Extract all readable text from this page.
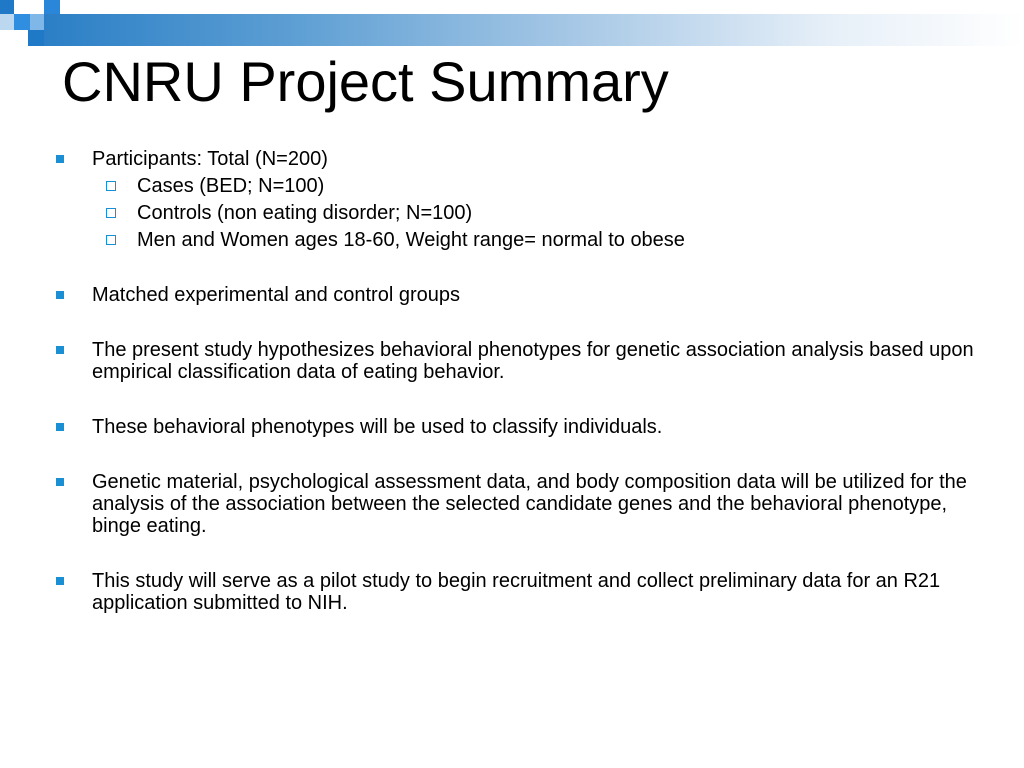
CNRU Project Summary
Participants: Total (N=200)
Cases (BED; N=100)
Controls (non eating disorder; N=100)
Men and Women ages 18-60, Weight range= normal to obese
Matched experimental and control groups
The present study hypothesizes behavioral phenotypes for genetic association analysis based upon empirical classification data of eating behavior.
These behavioral phenotypes will be used to classify individuals.
Genetic material, psychological assessment data, and body composition data will be utilized for the analysis of the association between the selected candidate genes and the behavioral phenotype, binge eating.
This study will serve as a pilot study to begin recruitment and collect preliminary data for an R21 application submitted to NIH.
